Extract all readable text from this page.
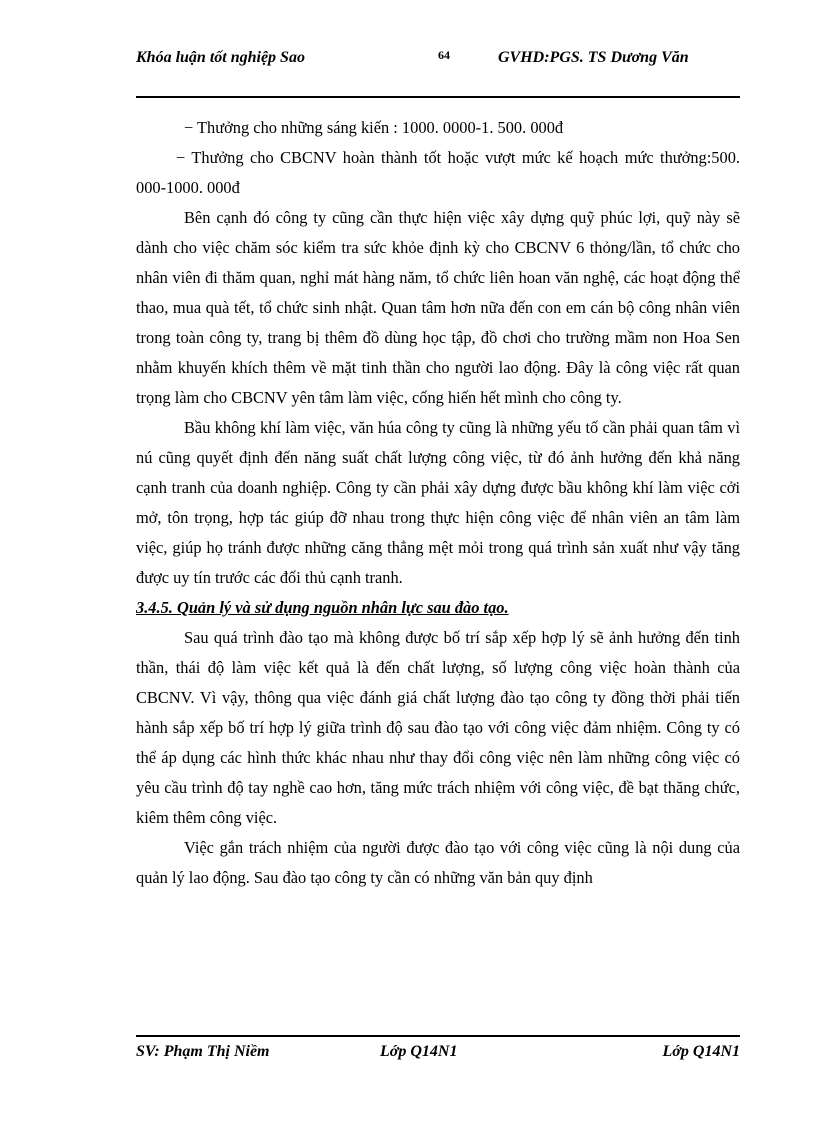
Khóa luận tốt nghiệp Sao	64	GVHD:PGS. TS Dương Văn

− Thưởng cho những sáng kiến : 1000. 0000-1. 500. 000đ

− Thưởng cho CBCNV hoàn thành tốt hoặc vượt mức kế hoạch mức thưởng:500. 000-1000. 000đ

Bên cạnh đó công ty cũng cần thực hiện việc xây dựng quỹ phúc lợi, quỹ này sẽ dành cho việc chăm sóc kiểm tra sức khỏe định kỳ cho CBCNV 6 thỏng/lần, tổ chức cho nhân viên đi thăm quan, nghỉ mát hàng năm, tổ chức liên hoan văn nghệ, các hoạt động thể thao, mua quà tết, tổ chức sinh nhật. Quan tâm hơn nữa đến con em cán bộ công nhân viên trong toàn công ty, trang bị thêm đồ dùng học tập, đồ chơi cho trường mầm non Hoa Sen nhằm khuyến khích thêm về mặt tinh thần cho người lao động. Đây là công việc rất quan trọng làm cho CBCNV yên tâm làm việc, cống hiến hết mình cho công ty.

Bầu không khí làm việc, văn húa công ty cũng là những yếu tố cần phải quan tâm vì nú cũng quyết định đến năng suất chất lượng công việc, từ đó ảnh hưởng đến khả năng cạnh tranh của doanh nghiệp. Công ty cần phải xây dựng được bầu không khí làm việc cởi mở, tôn trọng, hợp tác giúp đỡ nhau trong thực hiện công việc để nhân viên an tâm làm việc, giúp họ tránh được những căng thẳng mệt mỏi trong quá trình sản xuất như vậy tăng được uy tín trước các đối thủ cạnh tranh.

3.4.5. Quản lý và sử dụng nguồn nhân lực sau đào tạo.

Sau quá trình đào tạo mà không được bố trí sắp xếp hợp lý sẽ ảnh hưởng đến tinh thần, thái độ làm việc kết quả là đến chất lượng, số lượng công việc hoàn thành của CBCNV. Vì vậy, thông qua việc đánh giá chất lượng đào tạo công ty đồng thời phải tiến hành sắp xếp bố trí hợp lý giữa trình độ sau đào tạo với công việc đảm nhiệm. Công ty có thể áp dụng các hình thức khác nhau như thay đổi công việc nên làm những công việc có yêu cầu trình độ tay nghề cao hơn, tăng mức trách nhiệm với công việc, đề bạt thăng chức, kiêm thêm công việc.

Việc gắn trách nhiệm của người được đào tạo với công việc cũng là nội dung của quản lý lao động. Sau đào tạo công ty cần có những văn bản quy định

SV: Phạm Thị Niềm	Lớp Q14N1	Lớp Q14N1
